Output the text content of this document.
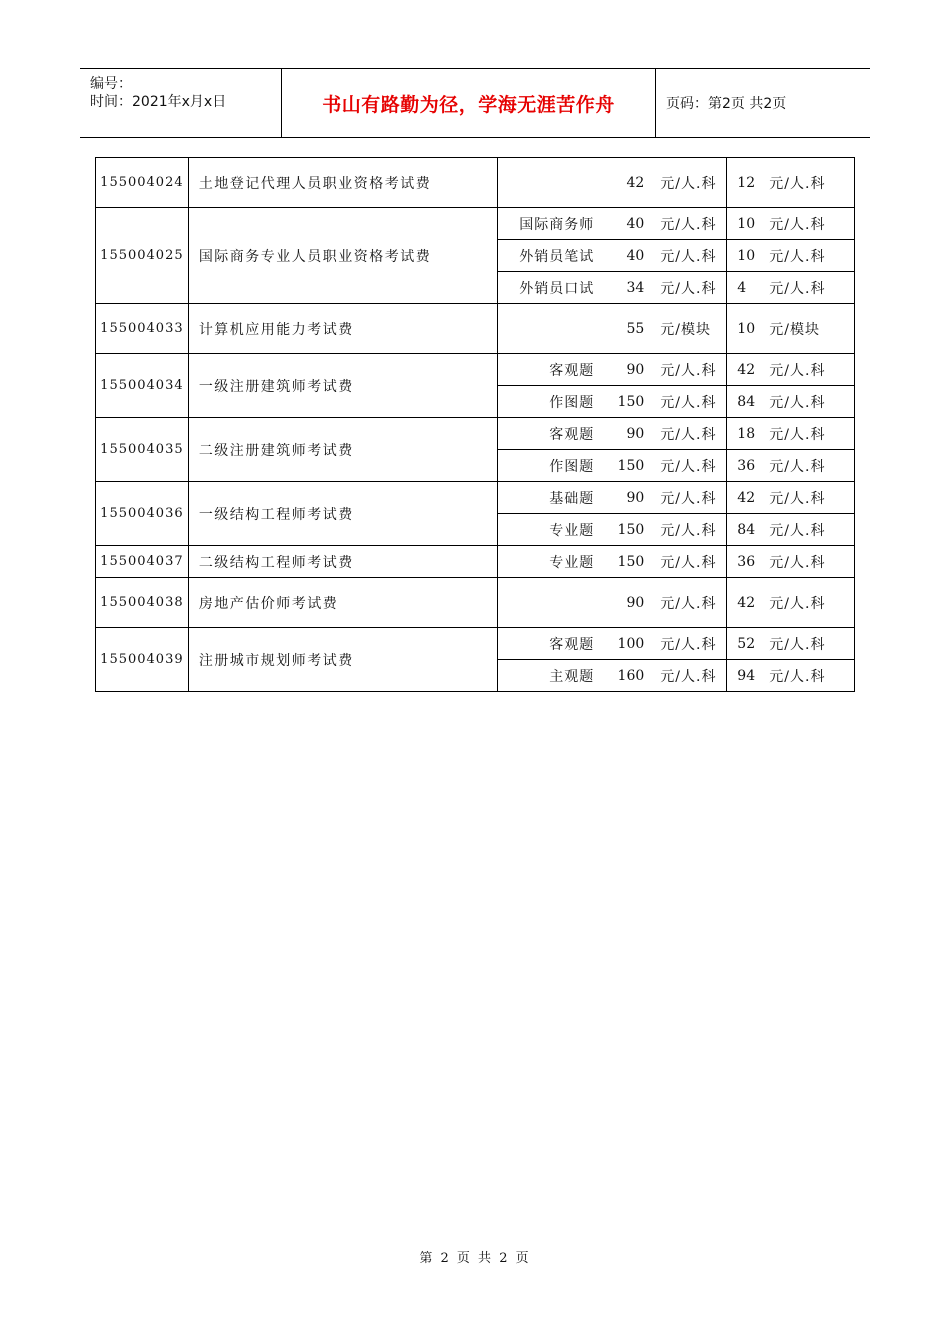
编号：
时间：2021年x月x日	书山有路勤为径，学海无涯苦作舟	页码：第2页 共2页
155004024	土地登记代理人员职业资格考试费	42 元/人.科	12 元/人.科

155004025	国际商务专业人员职业资格考试费	国际商务师 40 元/人.科	10 元/人.科

		外销员笔试 40 元/人.科	10 元/人.科

		外销员口试 34 元/人.科	4 元/人.科

155004033	计算机应用能力考试费	55 元/模块	10 元/模块

155004034	一级注册建筑师考试费	客观题 90 元/人.科	42 元/人.科

		作图题 150 元/人.科	84 元/人.科

155004035	二级注册建筑师考试费	客观题 90 元/人.科	18 元/人.科

		作图题 150 元/人.科	36 元/人.科

155004036	一级结构工程师考试费	基础题 90 元/人.科	42 元/人.科

		专业题 150 元/人.科	84 元/人.科

155004037	二级结构工程师考试费	专业题 150 元/人.科	36 元/人.科

155004038	房地产估价师考试费	90 元/人.科	42 元/人.科

155004039	注册城市规划师考试费	客观题 100 元/人.科	52 元/人.科

		主观题 160 元/人.科	94 元/人.科
第 2 页 共 2 页
